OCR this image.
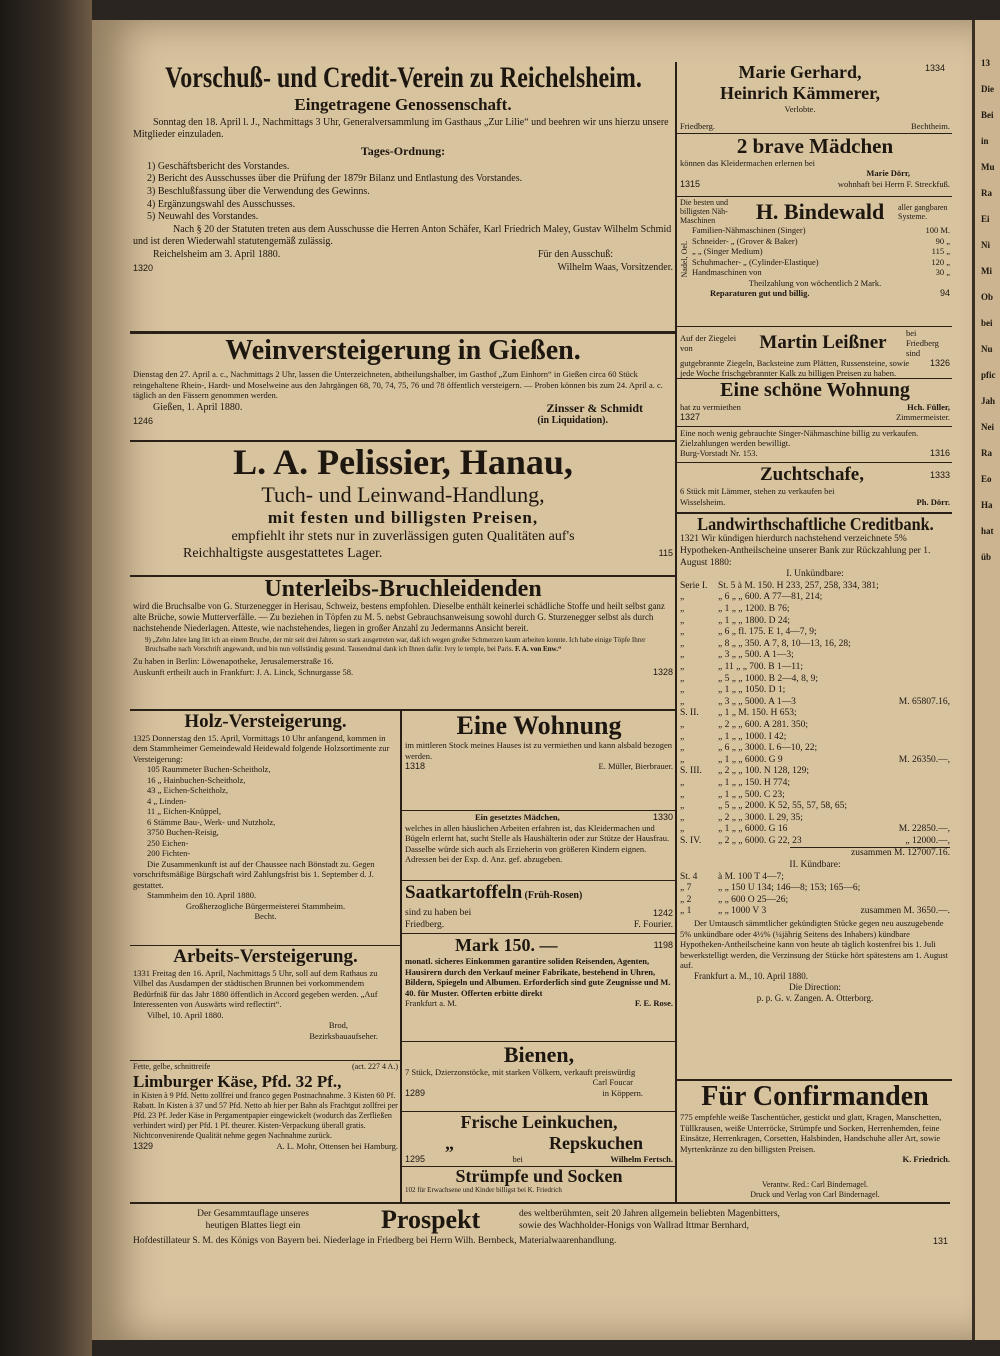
13
Die
Bei
in
Mu
Ra
Ei
Ni
Mi
Ob
bei
Nu
pfic
Jah
Nei
Ra
Eo
Ha
hat
üb
1334
Vorschuß- und Credit-Verein zu Reichelsheim.
Eingetragene Genossenschaft.

Sonntag den 18. April l. J., Nachmittags 3 Uhr, Generalversammlung im Gasthaus „Zur Lilie“ und beehren wir uns hierzu unsere Mitglieder einzuladen.

Tages-Ordnung:
1) Geschäftsbericht des Vorstandes.
2) Bericht des Ausschusses über die Prüfung der 1879r Bilanz und Entlastung des Vorstandes.
3) Beschlußfassung über die Verwendung des Gewinns.
4) Ergänzungswahl des Ausschusses.
5) Neuwahl des Vorstandes.

Nach § 20 der Statuten treten aus dem Ausschusse die Herren Anton Schäfer, Karl Friedrich Maley, Gustav Wilhelm Schmid und ist deren Wiederwahl statutengemäß zulässig.

Reichelsheim am 3. April 1880.	Für den Ausschuß:
1320	Wilhelm Waas, Vorsitzender.
Weinversteigerung in Gießen.

Dienstag den 27. April a. c., Nachmittags 2 Uhr, lassen die Unterzeichneten, abtheilungshalber, im Gasthof „Zum Einhorn“ in Gießen circa 60 Stück reingehaltene Rhein-, Hardt- und Moselweine aus den Jahrgängen 68, 70, 74, 75, 76 und 78 öffentlich versteigern. — Proben können bis zum 24. April a. c. täglich an den Fässern genommen werden.

Gießen, 1. April 1880.	Zinsser & Schmidt
1246	(in Liquidation).
L. A. Pelissier, Hanau,
Tuch- und Leinwand-Handlung,
mit festen und billigsten Preisen,
empfiehlt ihr stets nur in zuverlässigen guten Qualitäten auf's
Reichhaltigste ausgestattetes Lager.	115
Unterleibs-Bruchleidenden

wird die Bruchsalbe von G. Sturzenegger in Herisau, Schweiz, bestens empfohlen. Dieselbe enthält keinerlei schädliche Stoffe und heilt selbst ganz alte Brüche, sowie Mutterverfälle. — Zu beziehen in Töpfen zu M. 5. nebst Gebrauchsanweisung sowohl durch G. Sturzenegger selbst als durch nachstehende Niederlagen. Atteste, wie nachstehendes, liegen in großer Anzahl zu Jedermanns Ansicht bereit.

9) „Zehn Jahre lang litt ich an einem Bruche, der mir seit drei Jahren so stark ausgetreten war, daß ich wegen großer Schmerzen kaum arbeiten konnte. Ich habe einige Töpfe Ihrer Bruchsalbe nach Vorschrift angewandt, und bin nun vollständig gesund. Tausendmal dank ich Ihnen dafür. Ivry le temple, bei Paris. F. A. von Enw.“

Zu haben in Berlin: Löwenapotheke, Jerusalemerstraße 16.
Auskunft ertheilt auch in Frankfurt: J. A. Linck, Schnurgasse 58.	1328
Holz-Versteigerung.

1325 Donnerstag den 15. April, Vormittags 10 Uhr anfangend, kommen in dem Stammheimer Gemeindewald Heidewald folgende Holzsortimente zur Versteigerung:

105 Raummeter Buchen-Scheitholz,
16 „ Hainbuchen-Scheitholz,
43 „ Eichen-Scheitholz,
4 „ Linden-
11 „ Eichen-Knüppel,
6 Stämme Bau-, Werk- und Nutzholz,
3750 Buchen-Reisig,
250 Eichen-
200 Fichten-

Die Zusammenkunft ist auf der Chaussee nach Bönstadt zu. Gegen vorschriftsmäßige Bürgschaft wird Zahlungsfrist bis 1. September d. J. gestattet.

Stammheim den 10. April 1880.
Großherzogliche Bürgermeisterei Stammheim.
Becht.
Arbeits-Versteigerung.

1331 Freitag den 16. April, Nachmittags 5 Uhr, soll auf dem Rathaus zu Vilbel das Ausdampen der städtischen Brunnen bei vorkommendem Bedürfniß für das Jahr 1880 öffentlich in Accord gegeben werden. „Auf Interessenten von Auswärts wird reflectirt“.

Vilbel, 10. April 1880.
Brod,
Bezirksbauaufseher.
Fette, gelbe, schnittreife	(act. 227 4 A.)
Limburger Käse, Pfd. 32 Pf.,

in Kisten à 9 Pfd. Netto zollfrei und franco gegen Postnachnahme. 3 Kisten 60 Pf. Rabatt. In Kisten à 37 und 57 Pfd. Netto ab hier per Bahn als Frachtgut zollfrei per Pfd. 23 Pf. Jeder Käse in Pergamentpapier eingewickelt (wodurch das Zerfließen verhindert wird) per Pfd. 1 Pf. theurer. Kisten-Verpackung überall gratis. Nichtconvenirende Qualität nehme gegen Nachnahme zurück.

1329	A. L. Mohr, Ottensen bei Hamburg.
Eine Wohnung

im mittleren Stock meines Hauses ist zu vermiethen und kann alsbald bezogen werden.

1318	E. Müller, Bierbrauer.
Ein gesetztes Mädchen,	1330

welches in allen häuslichen Arbeiten erfahren ist, das Kleidermachen und Bügeln erlernt hat, sucht Stelle als Haushälterin oder zur Stütze der Hausfrau. Dasselbe würde sich auch als Erzieherin von größeren Kindern eignen. Adressen bei der Exp. d. Anz. gef. abzugeben.

Saatkartoffeln (Früh-Rosen)
sind zu haben bei	1242
Friedberg.	F. Fourier.
Mark 150. —	1198

monatl. sicheres Einkommen garantire soliden Reisenden, Agenten, Hausirern durch den Verkauf meiner Fabrikate, bestehend in Uhren, Bildern, Spiegeln und Albumen. Erforderlich sind gute Zeugnisse und M. 40. für Muster. Offerten erbitte direkt

Frankfurt a. M.	F. E. Rose.
Bienen,

7 Stück, Dzierzonstöcke, mit starken Völkern, verkauft preiswürdig

Carl Foucar
1289	in Köppern.
Frische Leinkuchen,
„	Repskuchen
1295	bei	Wilhelm Fertsch.
Strümpfe und Socken
102 für Erwachsene und Kinder billigst bei K. Friedrich
Marie Gerhard,
Heinrich Kämmerer,
Verlobte.
Friedberg.	Bechtheim.
2 brave Mädchen
können das Kleidermachen erlernen bei
Marie Dörr,
1315	wohnhaft bei Herrn F. Streckfuß.
Die besten und billigsten Näh-Maschinen	H. Bindewald	aller gangbaren Systeme.
Nadel, Oel.
Familien-Nähmaschinen (Singer)	100 M.
Schneider- „ (Grover & Baker)	90 „
„ „ (Singer Medium)	115 „
Schuhmacher- „ (Cylinder-Elastique)	120 „
Handmaschinen von	30 „
Theilzahlung von wöchentlich 2 Mark.
Reparaturen gut und billig.	94
Auf der Ziegelei von	Martin Leißner	bei Friedberg sind

1326
gutgebrannte Ziegeln, Backsteine zum Plätten, Russensteine, sowie jede Woche frischgebrannter Kalk zu billigen Preisen zu haben.

Eine schöne Wohnung
hat zu vermiethen	Hch. Füller,
1327	Zimmermeister.

Eine noch wenig gebrauchte Singer-Nähmaschine billig zu verkaufen. Zielzahlungen werden bewilligt.

Burg-Vorstadt Nr. 153.	1316
Zuchtschafe,	1333
6 Stück mit Lämmer, stehen zu verkaufen bei
Wisselsheim.	Ph. Dörr.
Landwirthschaftliche Creditbank.

1321 Wir kündigen hierdurch nachstehend verzeichnete 5% Hypotheken-Antheilscheine unserer Bank zur Rückzahlung per 1. August 1880:

I. Unkündbare:
Serie I.	St. 5 à M. 150. H 233, 257, 258, 334, 381;
„	„ 6 „ „ 600. A 77—81, 214;
„	„ 1 „ „ 1200. B 76;
„	„ 1 „ „ 1800. D 24;
„	„ 6 „ fl. 175. E 1, 4—7, 9;
„	„ 8 „ „ 350. A 7, 8, 10—13, 16, 28;
„	„ 3 „ „ 500. A 1—3;
„	„ 11 „ „ 700. B 1—11;
„	„ 5 „ „ 1000. B 2—4, 8, 9;
„	„ 1 „ „ 1050. D 1;
„	„ 3 „ „ 5000. A 1—3	M. 65807.16,
S. II.	„ 1 „ M. 150. H 653;
„	„ 2 „ „ 600. A 281. 350;
„	„ 1 „ „ 1000. I 42;
„	„ 6 „ „ 3000. L 6—10, 22;
„	„ 1 „ „ 6000. G 9	M. 26350.—,
S. III.	„ 2 „ „ 100. N 128, 129;
„	„ 1 „ „ 150. H 774;
„	„ 1 „ „ 500. C 23;
„	„ 5 „ „ 2000. K 52, 55, 57, 58, 65;
„	„ 2 „ „ 3000. L 29, 35;
„	„ 1 „ „ 6000. G 16	M. 22850.—,
S. IV.	„ 2 „ „ 6000. G 22, 23	„ 12000.—,
zusammen M. 127007.16.
II. Kündbare:
St. 4	à M. 100 T 4—7;
„ 7	„ „ 150 U 134; 146—8; 153; 165—6;
„ 2	„ „ 600 O 25—26;
„ 1	„ „ 1000 V 3	zusammen M. 3650.—.

Der Umtausch sämmtlicher gekündigten Stücke gegen neu auszugebende 5% unkündbare oder 4½% (¼jährig Seitens des Inhabers) kündbare Hypotheken-Antheilscheine kann von heute ab täglich kostenfrei bis 1. Juli bewerkstelligt werden, die Verzinsung der Stücke hört spätestens am 1. August auf.

Frankfurt a. M., 10. April 1880.
Die Direction:
p. p. G. v. Zangen. A. Otterborg.
Für Confirmanden

775 empfehle weiße Taschentücher, gestickt und glatt, Kragen, Manschetten, Tüllkrausen, weiße Unterröcke, Strümpfe und Socken, Herrenhemden, feine Einsätze, Herrenkragen, Corsetten, Halsbinden, Handschuhe aller Art, sowie Myrtenkränze zu den billigsten Preisen.

K. Friedrich.
Verantw. Red.: Carl Bindernagel.
Druck und Verlag von Carl Bindernagel.
Der Gesammtauflage unseres
heutigen Blattes liegt ein	Prospekt	des weltberühmten, seit 20 Jahren allgemein beliebten Magenbitters,
sowie des Wachholder-Honigs von Wallrad Ittmar Bernhard,
Hofdestillateur S. M. des Königs von Bayern bei. Niederlage in Friedberg bei Herrn Wilh. Bernbeck, Materialwaarenhandlung.	131
